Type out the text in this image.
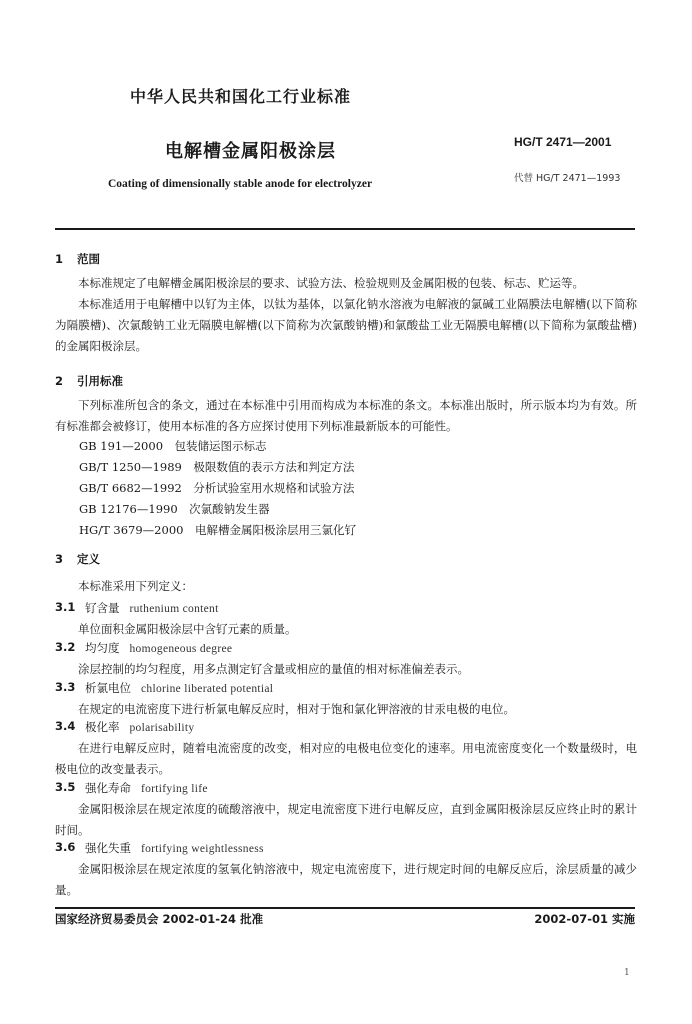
中华人民共和国化工行业标准
电解槽金属阳极涂层
Coating of dimensionally stable anode for electrolyzer
HG/T 2471—2001
代替 HG/T 2471—1993
1 范围
本标准规定了电解槽金属阳极涂层的要求、试验方法、检验规则及金属阳极的包装、标志、贮运等。
本标准适用于电解槽中以钌为主体，以钛为基体，以氯化钠水溶液为电解液的氯碱工业隔膜法电解槽(以下简称为隔膜槽)、次氯酸钠工业无隔膜电解槽(以下简称为次氯酸钠槽)和氯酸盐工业无隔膜电解槽(以下简称为氯酸盐槽)的金属阳极涂层。
2 引用标准
下列标准所包含的条文，通过在本标准中引用而构成为本标准的条文。本标准出版时，所示版本均为有效。所有标准都会被修订，使用本标准的各方应探讨使用下列标准最新版本的可能性。
GB 191—2000　包装储运图示标志
GB/T 1250—1989　极限数值的表示方法和判定方法
GB/T 6682—1992　分析试验室用水规格和试验方法
GB 12176—1990　次氯酸钠发生器
HG/T 3679—2000　电解槽金属阳极涂层用三氯化钌
3 定义
本标准采用下列定义：
3.1 钌含量 ruthenium content
单位面积金属阳极涂层中含钌元素的质量。
3.2 均匀度 homogeneous degree
涂层控制的均匀程度，用多点测定钌含量或相应的量值的相对标准偏差表示。
3.3 析氯电位 chlorine liberated potential
在规定的电流密度下进行析氯电解反应时，相对于饱和氯化钾溶液的甘汞电极的电位。
3.4 极化率 polarisability
在进行电解反应时，随着电流密度的改变，相对应的电极电位变化的速率。用电流密度变化一个数量级时，电极电位的改变量表示。
3.5 强化寿命 fortifying life
金属阳极涂层在规定浓度的硫酸溶液中，规定电流密度下进行电解反应，直到金属阳极涂层反应终止时的累计时间。
3.6 强化失重 fortifying weightlessness
金属阳极涂层在规定浓度的氢氧化钠溶液中，规定电流密度下，进行规定时间的电解反应后，涂层质量的减少量。
国家经济贸易委员会 2002-01-24 批准	2002-07-01 实施
1
